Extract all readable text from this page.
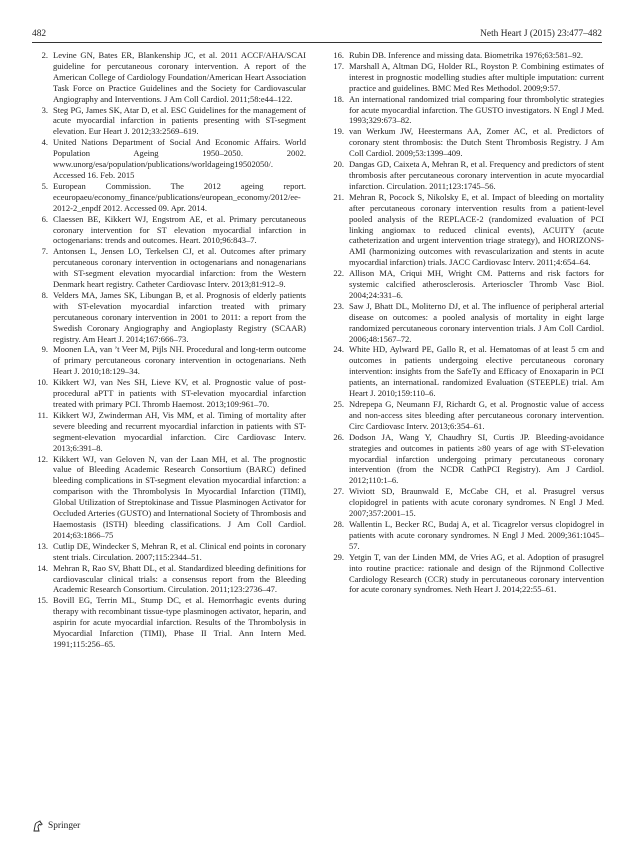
482	Neth Heart J (2015) 23:477–482
2. Levine GN, Bates ER, Blankenship JC, et al. 2011 ACCF/AHA/SCAI guideline for percutaneous coronary intervention. A report of the American College of Cardiology Foundation/American Heart Association Task Force on Practice Guidelines and the Society for Cardiovascular Angiography and Interventions. J Am Coll Cardiol. 2011;58:e44–122.
3. Steg PG, James SK, Atar D, et al. ESC Guidelines for the management of acute myocardial infarction in patients presenting with ST-segment elevation. Eur Heart J. 2012;33:2569–619.
4. United Nations Department of Social And Economic Affairs. World Population Ageing 1950–2050. 2002. www.unorg/esa/population/publications/worldageing19502050/. Accessed 16. Feb. 2015
5. European Commission. The 2012 ageing report. eceuropaeu/economy_finance/publications/european_economy/2012/ee-2012-2_enpdf 2012. Accessed 09. Apr. 2014.
6. Claessen BE, Kikkert WJ, Engstrom AE, et al. Primary percutaneous coronary intervention for ST elevation myocardial infarction in octogenarians: trends and outcomes. Heart. 2010;96:843–7.
7. Antonsen L, Jensen LO, Terkelsen CJ, et al. Outcomes after primary percutaneous coronary intervention in octogenarians and nonagenarians with ST-segment elevation myocardial infarction: from the Western Denmark heart registry. Catheter Cardiovasc Interv. 2013;81:912–9.
8. Velders MA, James SK, Libungan B, et al. Prognosis of elderly patients with ST-elevation myocardial infarction treated with primary percutaneous coronary intervention in 2001 to 2011: a report from the Swedish Coronary Angiography and Angioplasty Registry (SCAAR) registry. Am Heart J. 2014;167:666–73.
9. Moonen LA, van ’t Veer M, Pijls NH. Procedural and long-term outcome of primary percutaneous coronary intervention in octogenarians. Neth Heart J. 2010;18:129–34.
10. Kikkert WJ, van Nes SH, Lieve KV, et al. Prognostic value of post-procedural aPTT in patients with ST-elevation myocardial infarction treated with primary PCI. Thromb Haemost. 2013;109:961–70.
11. Kikkert WJ, Zwinderman AH, Vis MM, et al. Timing of mortality after severe bleeding and recurrent myocardial infarction in patients with ST-segment-elevation myocardial infarction. Circ Cardiovasc Interv. 2013;6:391–8.
12. Kikkert WJ, van Geloven N, van der Laan MH, et al. The prognostic value of Bleeding Academic Research Consortium (BARC) defined bleeding complications in ST-segment elevation myocardial infarction: a comparison with the Thrombolysis In Myocardial Infarction (TIMI), Global Utilization of Streptokinase and Tissue Plasminogen Activator for Occluded Arteries (GUSTO) and International Society of Thrombosis and Haemostasis (ISTH) bleeding classifications. J Am Coll Cardiol. 2014;63:1866–75
13. Cutlip DE, Windecker S, Mehran R, et al. Clinical end points in coronary stent trials. Circulation. 2007;115:2344–51.
14. Mehran R, Rao SV, Bhatt DL, et al. Standardized bleeding definitions for cardiovascular clinical trials: a consensus report from the Bleeding Academic Research Consortium. Circulation. 2011;123:2736–47.
15. Bovill EG, Terrin ML, Stump DC, et al. Hemorrhagic events during therapy with recombinant tissue-type plasminogen activator, heparin, and aspirin for acute myocardial infarction. Results of the Thrombolysis in Myocardial Infarction (TIMI), Phase II Trial. Ann Intern Med. 1991;115:256–65.
16. Rubin DB. Inference and missing data. Biometrika 1976;63:581–92.
17. Marshall A, Altman DG, Holder RL, Royston P. Combining estimates of interest in prognostic modelling studies after multiple imputation: current practice and guidelines. BMC Med Res Methodol. 2009;9:57.
18. An international randomized trial comparing four thrombolytic strategies for acute myocardial infarction. The GUSTO investigators. N Engl J Med. 1993;329:673–82.
19. van Werkum JW, Heestermans AA, Zomer AC, et al. Predictors of coronary stent thrombosis: the Dutch Stent Thrombosis Registry. J Am Coll Cardiol. 2009;53:1399–409.
20. Dangas GD, Caixeta A, Mehran R, et al. Frequency and predictors of stent thrombosis after percutaneous coronary intervention in acute myocardial infarction. Circulation. 2011;123:1745–56.
21. Mehran R, Pocock S, Nikolsky E, et al. Impact of bleeding on mortality after percutaneous coronary intervention results from a patient-level pooled analysis of the REPLACE-2 (randomized evaluation of PCI linking angiomax to reduced clinical events), ACUITY (acute catheterization and urgent intervention triage strategy), and HORIZONS-AMI (harmonizing outcomes with revascularization and stents in acute myocardial infarction) trials. JACC Cardiovasc Interv. 2011;4:654–64.
22. Allison MA, Criqui MH, Wright CM. Patterns and risk factors for systemic calcified atherosclerosis. Arterioscler Thromb Vasc Biol. 2004;24:331–6.
23. Saw J, Bhatt DL, Moliterno DJ, et al. The influence of peripheral arterial disease on outcomes: a pooled analysis of mortality in eight large randomized percutaneous coronary intervention trials. J Am Coll Cardiol. 2006;48:1567–72.
24. White HD, Aylward PE, Gallo R, et al. Hematomas of at least 5 cm and outcomes in patients undergoing elective percutaneous coronary intervention: insights from the SafeTy and Efficacy of Enoxaparin in PCI patients, an internationaL randomized Evaluation (STEEPLE) trial. Am Heart J. 2010;159:110–6.
25. Ndrepepa G, Neumann FJ, Richardt G, et al. Prognostic value of access and non-access sites bleeding after percutaneous coronary intervention. Circ Cardiovasc Interv. 2013;6:354–61.
26. Dodson JA, Wang Y, Chaudhry SI, Curtis JP. Bleeding-avoidance strategies and outcomes in patients ≥80 years of age with ST-elevation myocardial infarction undergoing primary percutaneous coronary intervention (from the NCDR CathPCI Registry). Am J Cardiol. 2012;110:1–6.
27. Wiviott SD, Braunwald E, McCabe CH, et al. Prasugrel versus clopidogrel in patients with acute coronary syndromes. N Engl J Med. 2007;357:2001–15.
28. Wallentin L, Becker RC, Budaj A, et al. Ticagrelor versus clopidogrel in patients with acute coronary syndromes. N Engl J Med. 2009;361:1045–57.
29. Yetgin T, van der Linden MM, de Vries AG, et al. Adoption of prasugrel into routine practice: rationale and design of the Rijnmond Collective Cardiology Research (CCR) study in percutaneous coronary intervention for acute coronary syndromes. Neth Heart J. 2014;22:55–61.
Springer
